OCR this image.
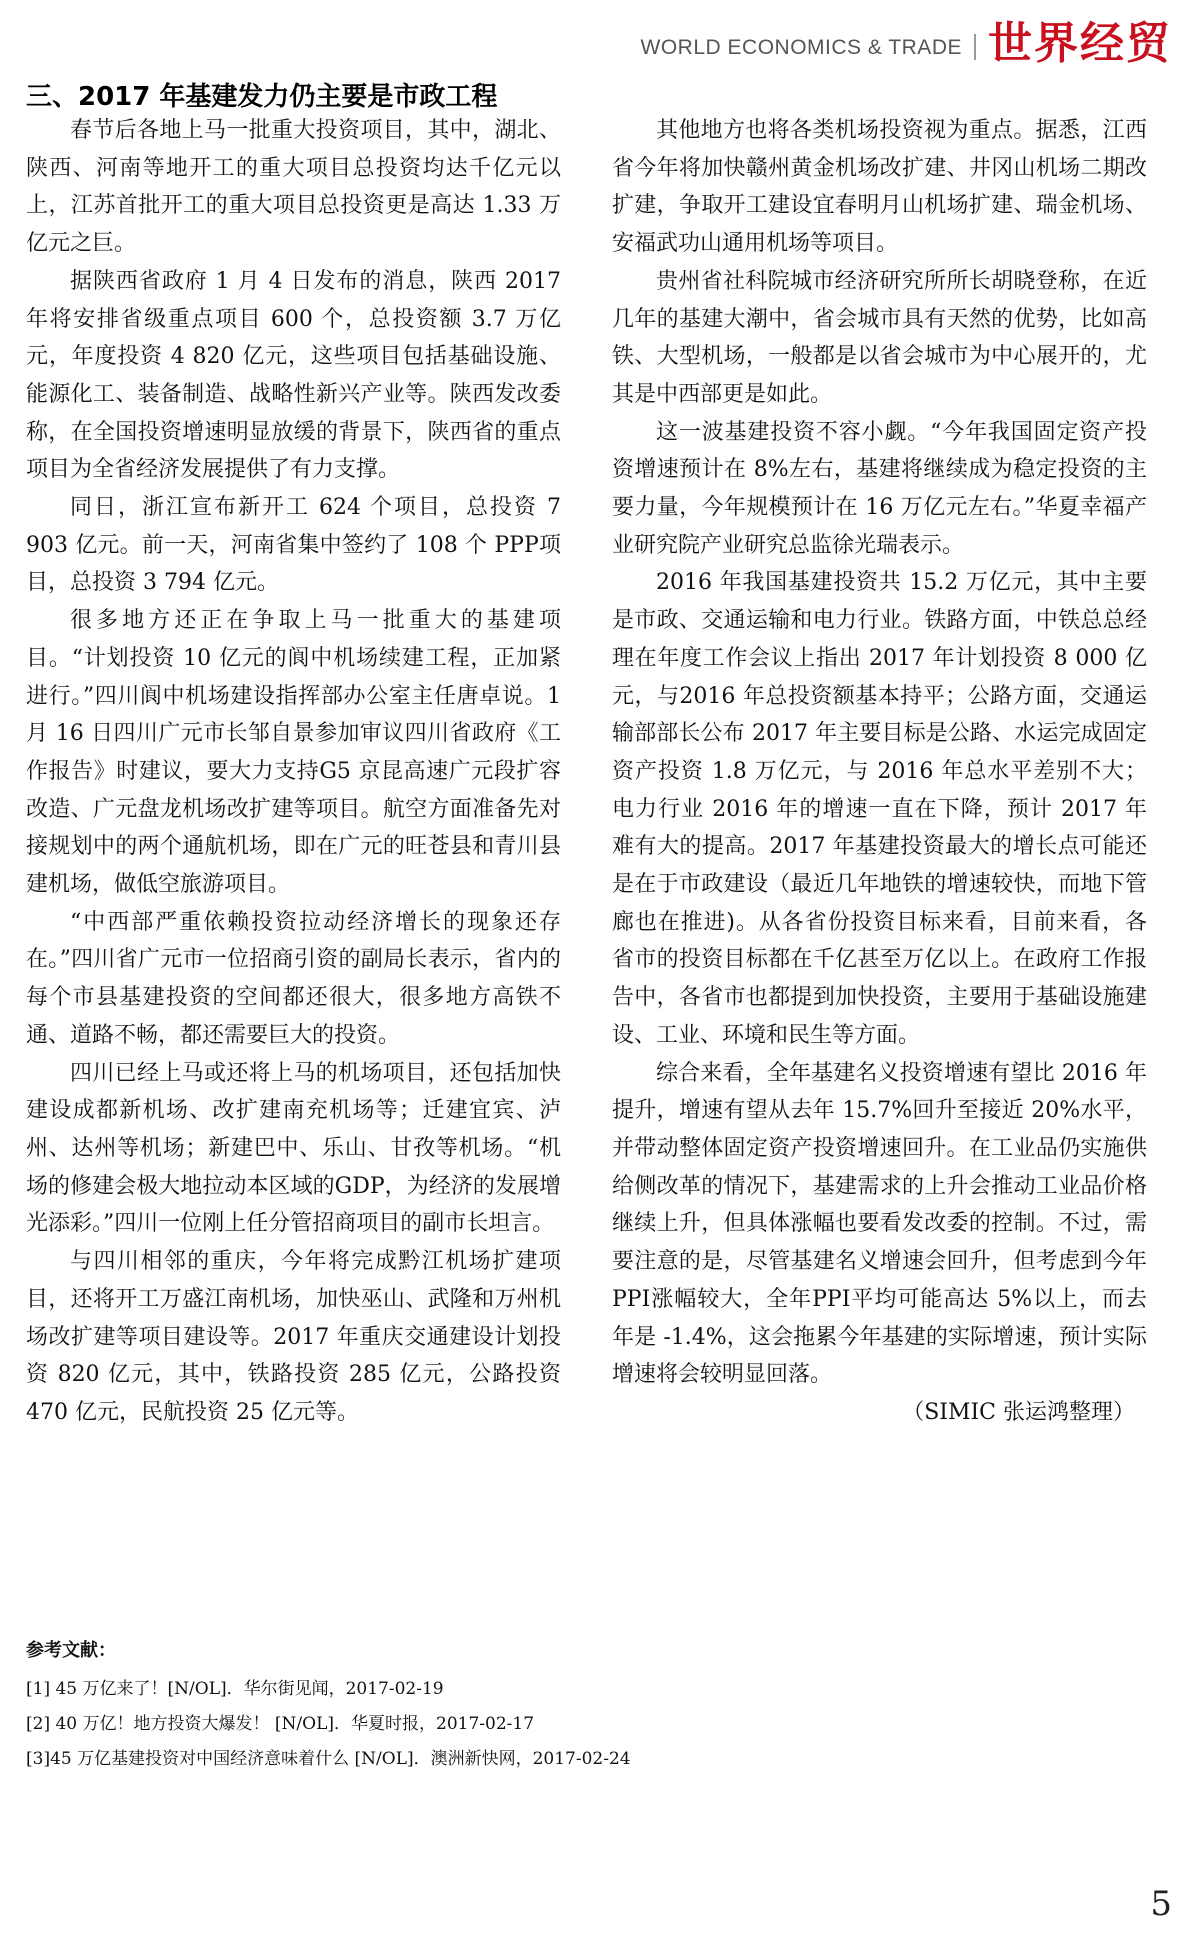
WORLD ECONOMICS & TRADE 世界经贸
三、2017 年基建发力仍主要是市政工程

春节后各地上马一批重大投资项目，其中，湖北、陕西、河南等地开工的重大项目总投资均达千亿元以上，江苏首批开工的重大项目总投资更是高达 1.33 万亿元之巨。

据陕西省政府 1 月 4 日发布的消息，陕西 2017 年将安排省级重点项目 600 个，总投资额 3.7 万亿元，年度投资 4 820 亿元，这些项目包括基础设施、能源化工、装备制造、战略性新兴产业等。陕西发改委称，在全国投资增速明显放缓的背景下，陕西省的重点项目为全省经济发展提供了有力支撑。

同日，浙江宣布新开工 624 个项目，总投资 7 903 亿元。前一天，河南省集中签约了 108 个 PPP项目，总投资 3 794 亿元。

很多地方还正在争取上马一批重大的基建项目。“计划投资 10 亿元的阆中机场续建工程，正加紧进行。”四川阆中机场建设指挥部办公室主任唐卓说。1 月 16 日四川广元市长邹自景参加审议四川省政府《工作报告》时建议，要大力支持G5 京昆高速广元段扩容改造、广元盘龙机场改扩建等项目。航空方面准备先对接规划中的两个通航机场，即在广元的旺苍县和青川县建机场，做低空旅游项目。

“中西部严重依赖投资拉动经济增长的现象还存在。”四川省广元市一位招商引资的副局长表示，省内的每个市县基建投资的空间都还很大，很多地方高铁不通、道路不畅，都还需要巨大的投资。

四川已经上马或还将上马的机场项目，还包括加快建设成都新机场、改扩建南充机场等；迁建宜宾、泸州、达州等机场；新建巴中、乐山、甘孜等机场。“机场的修建会极大地拉动本区域的GDP，为经济的发展增光添彩。”四川一位刚上任分管招商项目的副市长坦言。

与四川相邻的重庆，今年将完成黔江机场扩建项目，还将开工万盛江南机场，加快巫山、武隆和万州机场改扩建等项目建设等。2017 年重庆交通建设计划投资 820 亿元，其中，铁路投资 285 亿元，公路投资 470 亿元，民航投资 25 亿元等。

其他地方也将各类机场投资视为重点。据悉，江西省今年将加快赣州黄金机场改扩建、井冈山机场二期改扩建，争取开工建设宜春明月山机场扩建、瑞金机场、安福武功山通用机场等项目。

贵州省社科院城市经济研究所所长胡晓登称，在近几年的基建大潮中，省会城市具有天然的优势，比如高铁、大型机场，一般都是以省会城市为中心展开的，尤其是中西部更是如此。

这一波基建投资不容小觑。“今年我国固定资产投资增速预计在 8%左右，基建将继续成为稳定投资的主要力量，今年规模预计在 16 万亿元左右。”华夏幸福产业研究院产业研究总监徐光瑞表示。

2016 年我国基建投资共 15.2 万亿元，其中主要是市政、交通运输和电力行业。铁路方面，中铁总总经理在年度工作会议上指出 2017 年计划投资 8 000 亿元，与2016 年总投资额基本持平；公路方面，交通运输部部长公布 2017 年主要目标是公路、水运完成固定资产投资 1.8 万亿元，与 2016 年总水平差别不大；电力行业 2016 年的增速一直在下降，预计 2017 年难有大的提高。2017 年基建投资最大的增长点可能还是在于市政建设（最近几年地铁的增速较快，而地下管廊也在推进)。从各省份投资目标来看，目前来看，各省市的投资目标都在千亿甚至万亿以上。在政府工作报告中，各省市也都提到加快投资，主要用于基础设施建设、工业、环境和民生等方面。

综合来看，全年基建名义投资增速有望比 2016 年提升，增速有望从去年 15.7%回升至接近 20%水平，并带动整体固定资产投资增速回升。在工业品仍实施供给侧改革的情况下，基建需求的上升会推动工业品价格继续上升，但具体涨幅也要看发改委的控制。不过，需要注意的是，尽管基建名义增速会回升，但考虑到今年PPI涨幅较大，全年PPI平均可能高达 5%以上，而去年是 -1.4%，这会拖累今年基建的实际增速，预计实际增速将会较明显回落。

（SIMIC 张运鸿整理）

参考文献：
[1] 45 万亿来了！[N/OL]．华尔街见闻，2017-02-19
[2] 40 万亿！地方投资大爆发！ [N/OL]．华夏时报，2017-02-17
[3]45 万亿基建投资对中国经济意味着什么 [N/OL]．澳洲新快网，2017-02-24
5
